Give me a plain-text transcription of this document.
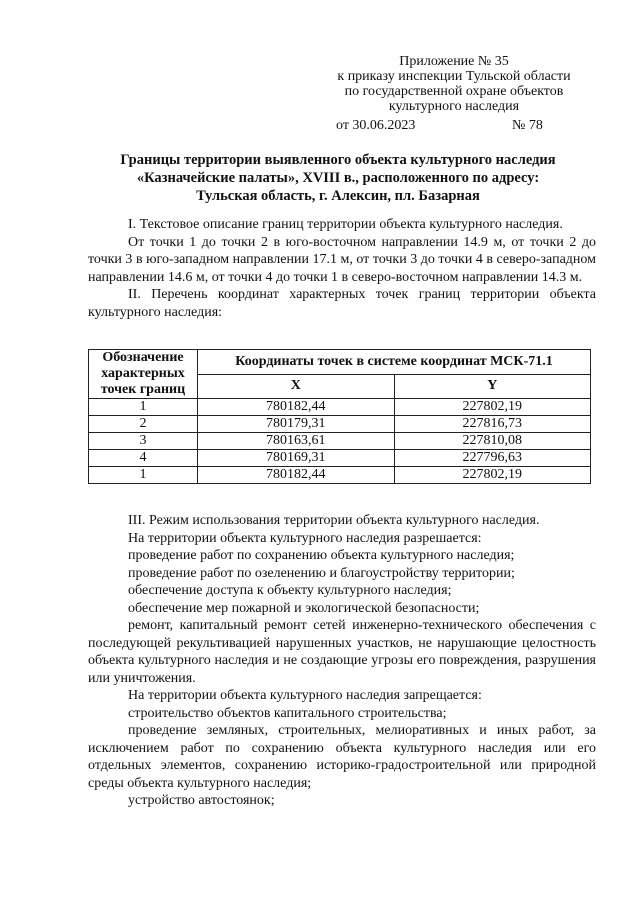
Приложение № 35
к приказу инспекции Тульской области
по государственной охране объектов
культурного наследия
от 30.06.2023	№ 78
Границы территории выявленного объекта культурного наследия
«Казначейские палаты», XVIII в., расположенного по адресу:
Тульская область, г. Алексин, пл. Базарная

I. Текстовое описание границ территории объекта культурного наследия.

От точки 1 до точки 2 в юго-восточном направлении 14.9 м, от точки 2 до точки 3 в юго-западном направлении 17.1 м, от точки 3 до точки 4 в северо-западном направлении 14.6 м, от точки 4 до точки 1 в северо-восточном направлении 14.3 м.

II. Перечень координат характерных точек границ территории объекта культурного наследия:

Обозначение характерных точек границ	Координаты точек в системе координат МСК-71.1	
	X	Y
1	780182,44	227802,19
2	780179,31	227816,73
3	780163,61	227810,08
4	780169,31	227796,63
1	780182,44	227802,19

III. Режим использования территории объекта культурного наследия.

На территории объекта культурного наследия разрешается:

проведение работ по сохранению объекта культурного наследия;

проведение работ по озеленению и благоустройству территории;

обеспечение доступа к объекту культурного наследия;

обеспечение мер пожарной и экологической безопасности;

ремонт, капитальный ремонт сетей инженерно-технического обеспечения с последующей рекультивацией нарушенных участков, не нарушающие целостность объекта культурного наследия и не создающие угрозы его повреждения, разрушения или уничтожения.

На территории объекта культурного наследия запрещается:

строительство объектов капитального строительства;

проведение земляных, строительных, мелиоративных и иных работ, за исключением работ по сохранению объекта культурного наследия или его отдельных элементов, сохранению историко-градостроительной или природной среды объекта культурного наследия;

устройство автостоянок;
